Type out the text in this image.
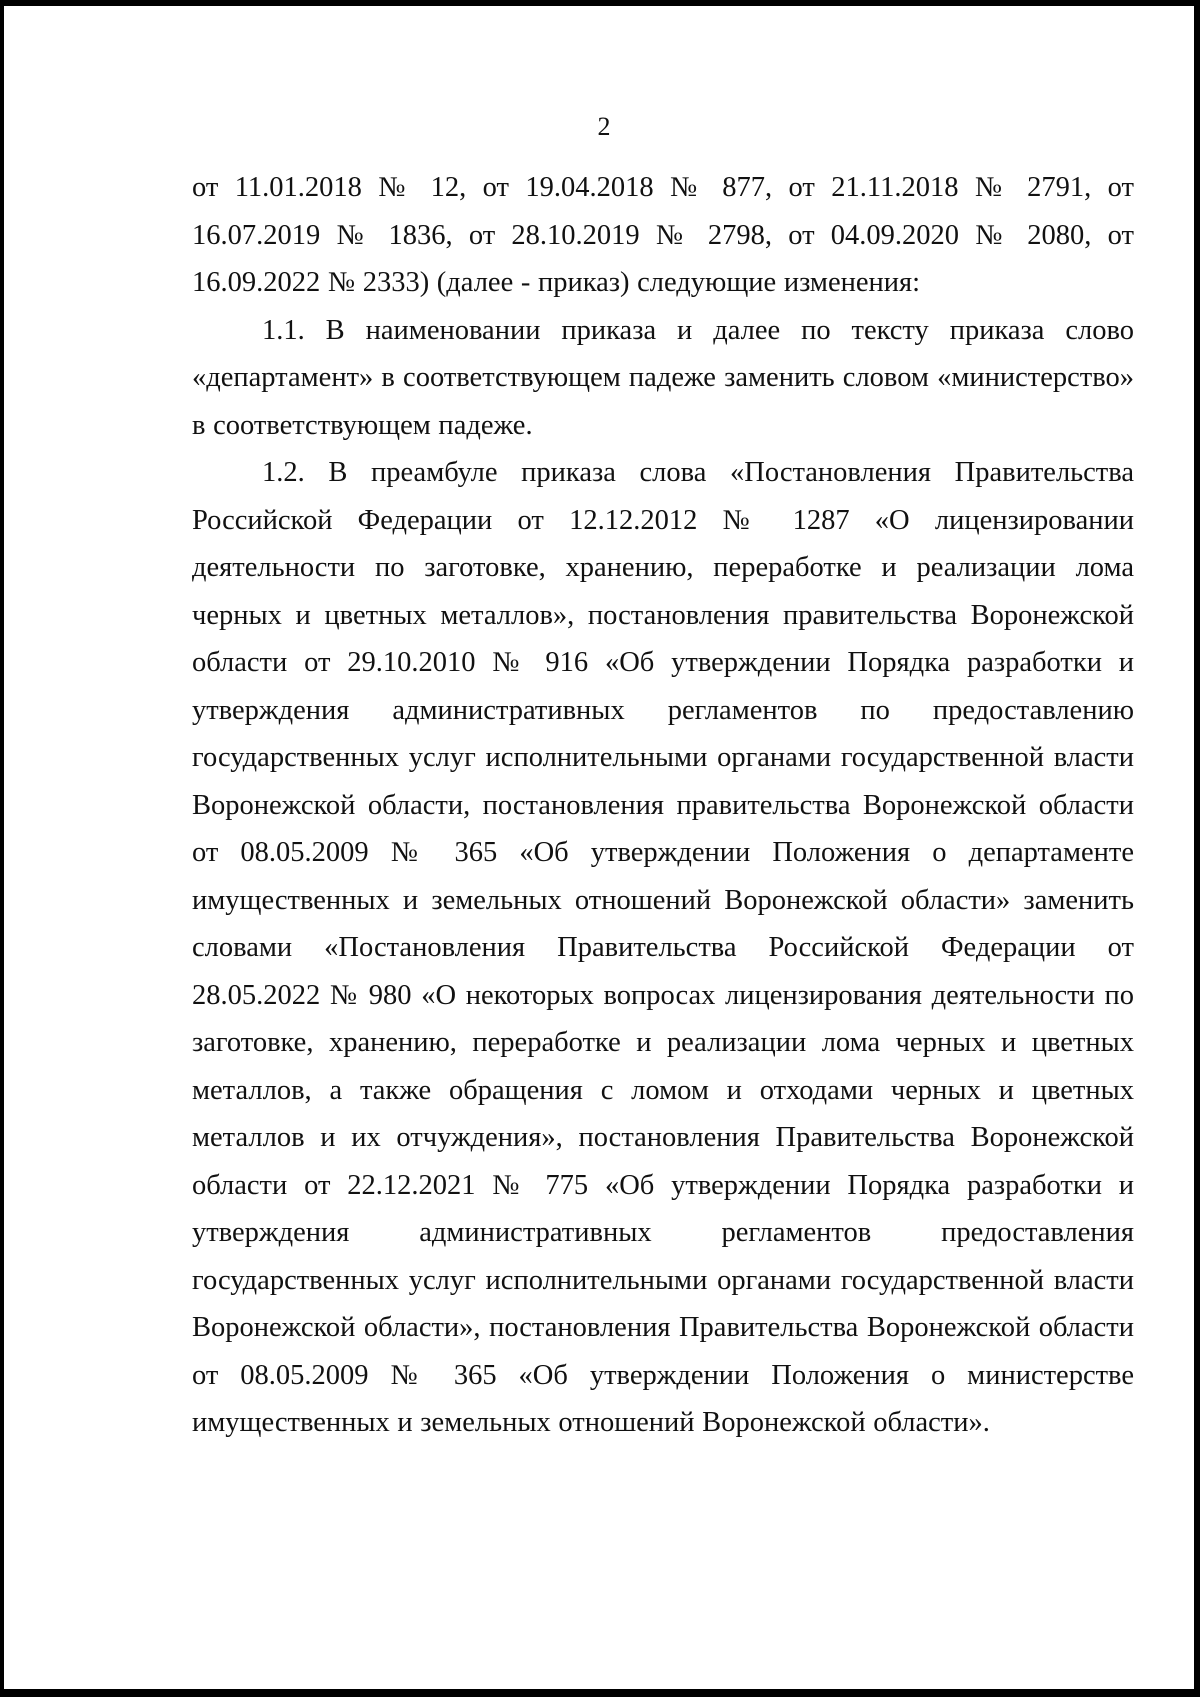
2

от 11.01.2018 № 12, от 19.04.2018 № 877, от 21.11.2018 № 2791, от 16.07.2019 № 1836, от 28.10.2019 № 2798, от 04.09.2020 № 2080, от 16.09.2022 № 2333) (далее - приказ) следующие изменения:

1.1. В наименовании приказа и далее по тексту приказа слово «департамент» в соответствующем падеже заменить словом «министерство» в соответствующем падеже.

1.2. В преамбуле приказа слова «Постановления Правительства Российской Федерации от 12.12.2012 № 1287 «О лицензировании деятельности по заготовке, хранению, переработке и реализации лома черных и цветных металлов», постановления правительства Воронежской области от 29.10.2010 № 916 «Об утверждении Порядка разработки и утверждения административных регламентов по предоставлению государственных услуг исполнительными органами государственной власти Воронежской области, постановления правительства Воронежской области от 08.05.2009 № 365 «Об утверждении Положения о департаменте имущественных и земельных отношений Воронежской области» заменить словами «Постановления Правительства Российской Федерации от 28.05.2022 № 980 «О некоторых вопросах лицензирования деятельности по заготовке, хранению, переработке и реализации лома черных и цветных металлов, а также обращения с ломом и отходами черных и цветных металлов и их отчуждения», постановления Правительства Воронежской области от 22.12.2021 № 775 «Об утверждении Порядка разработки и утверждения административных регламентов предоставления государственных услуг исполнительными органами государственной власти Воронежской области», постановления Правительства Воронежской области от 08.05.2009 № 365 «Об утверждении Положения о министерстве имущественных и земельных отношений Воронежской области».
